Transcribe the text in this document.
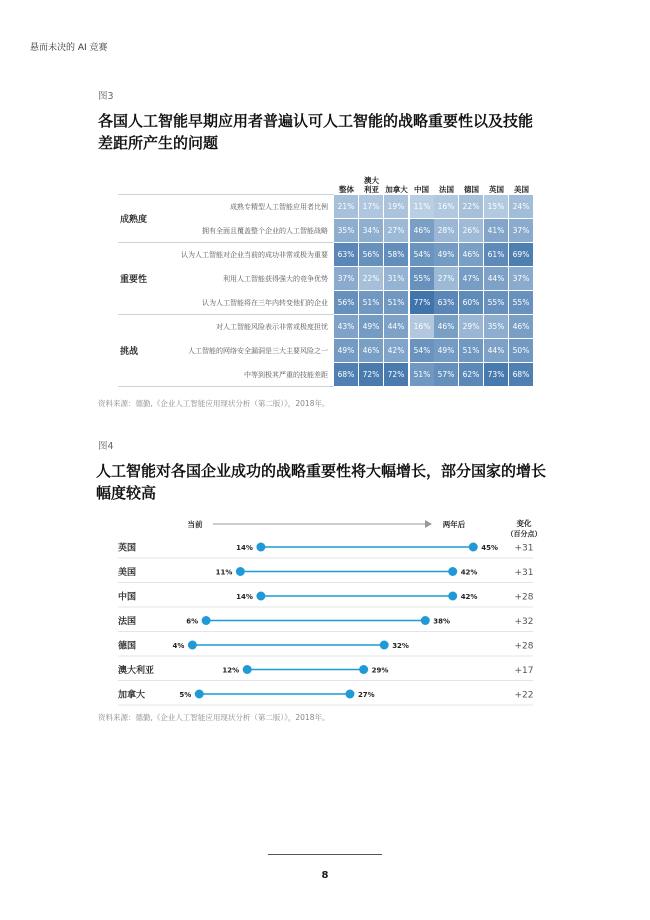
悬而未决的 AI 竞赛
图3
各国人工智能早期应用者普遍认可人工智能的战略重要性以及技能
差距所产生的问题
整体
澳大
利亚 加拿大 中国	法国	德国	英国	美国
成熟专精型人工智能应用者比例	21%	17%	19%	11% 16%	22%	15%	24%
拥有全面且覆盖整个企业的人工智能战略	35%	34%	27%	46% 28%	26%	41%	37%
认为人工智能对企业当前的成功非常或极为重要	63%	56%	58%	54% 49%	46%	61%	69%
利用人工智能获得强大的竞争优势	37%	22%	31%	55% 27%	47%	44%	37%
认为人工智能将在三年内转变他们的企业	56%	51%	51%	77% 63%	60%	55%	55%
对人工智能风险表示非常或极度担忧	43%	49%	44%	16% 46%	29%	35%	46%
人工智能的网络安全漏洞是三大主要风险之一	49%	46%	42%	54% 49%	51%	44%	50%
中等到极其严重的技能差距	68%	72%	72%	51% 57%	62%	73%	68%
成熟度
重要性
挑战
资料来源：德勤,《企业人工智能应用现状分析（第二版）》，2018年。
图4
人工智能对各国企业成功的战略重要性将大幅增长，部分国家的增长
幅度较高
当前	两年后	变化
（百分点）
英国	14%	45% +31
美国	11%	42%	+31
中国	14%	42%	+28
法国	6%	38%	+32
德国	4%	32%	+28
澳大利亚	12%	29%	+17
加拿大	5%	27%	+22
资料来源：德勤,《企业人工智能应用现状分析（第二版）》，2018年。
8
